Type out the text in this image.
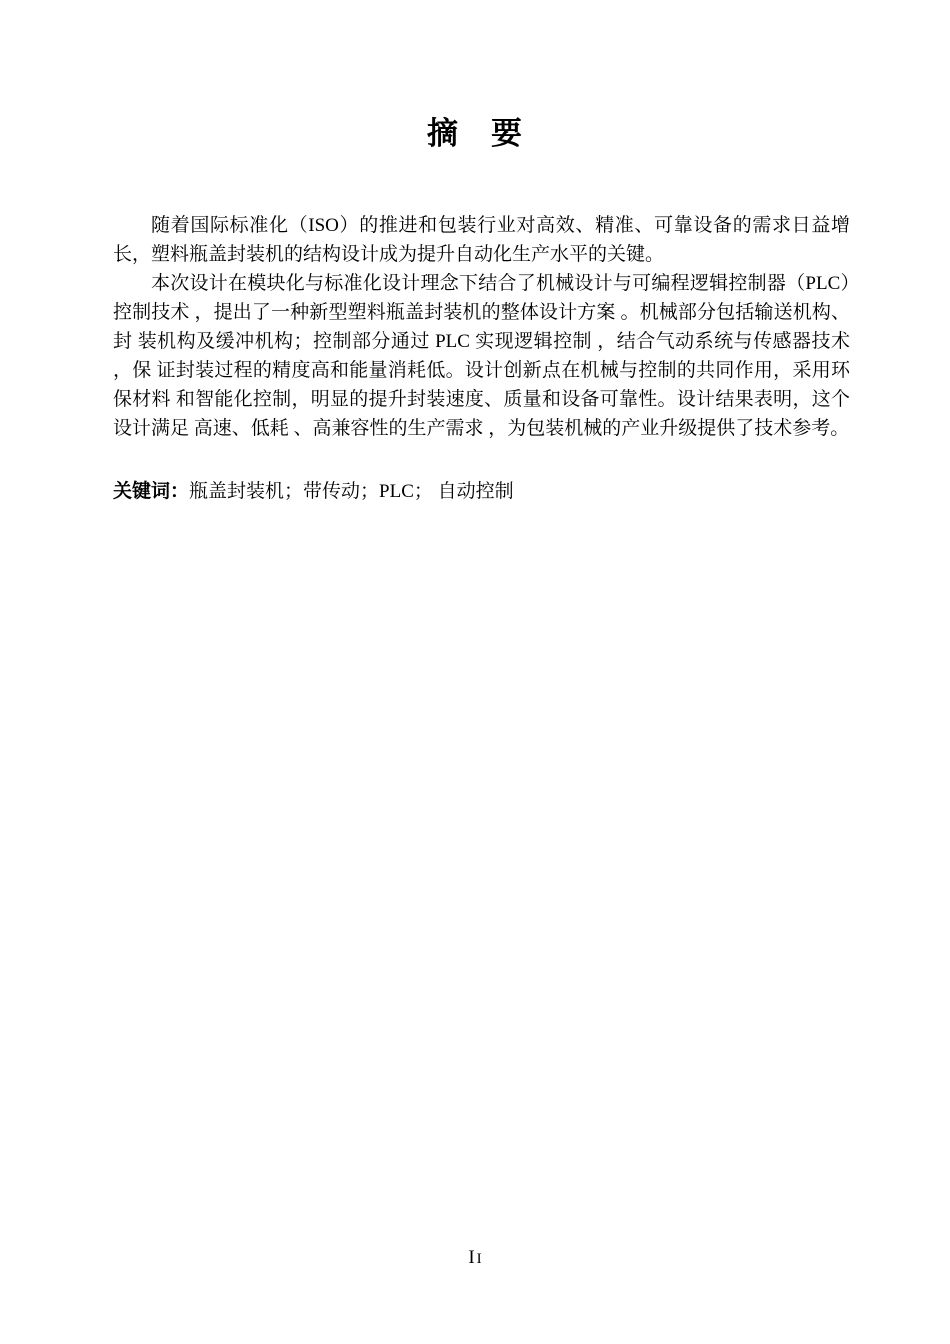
摘　要

随着国际标准化（ISO）的推进和包装行业对高效、精准、可靠设备的需求日益增长，塑料瓶盖封装机的结构设计成为提升自动化生产水平的关键。

本次设计在模块化与标准化设计理念下结合了机械设计与可编程逻辑控制器（PLC）控制技术 ，提出了一种新型塑料瓶盖封装机的整体设计方案 。机械部分包括输送机构、封 装机构及缓冲机构；控制部分通过 PLC 实现逻辑控制 ，结合气动系统与传感器技术 ，保 证封装过程的精度高和能量消耗低。设计创新点在机械与控制的共同作用，采用环保材料 和智能化控制，明显的提升封装速度、质量和设备可靠性。设计结果表明，这个设计满足 高速、低耗 、高兼容性的生产需求 ，为包装机械的产业升级提供了技术参考。

关键词：瓶盖封装机；带传动；PLC； 自动控制
II
